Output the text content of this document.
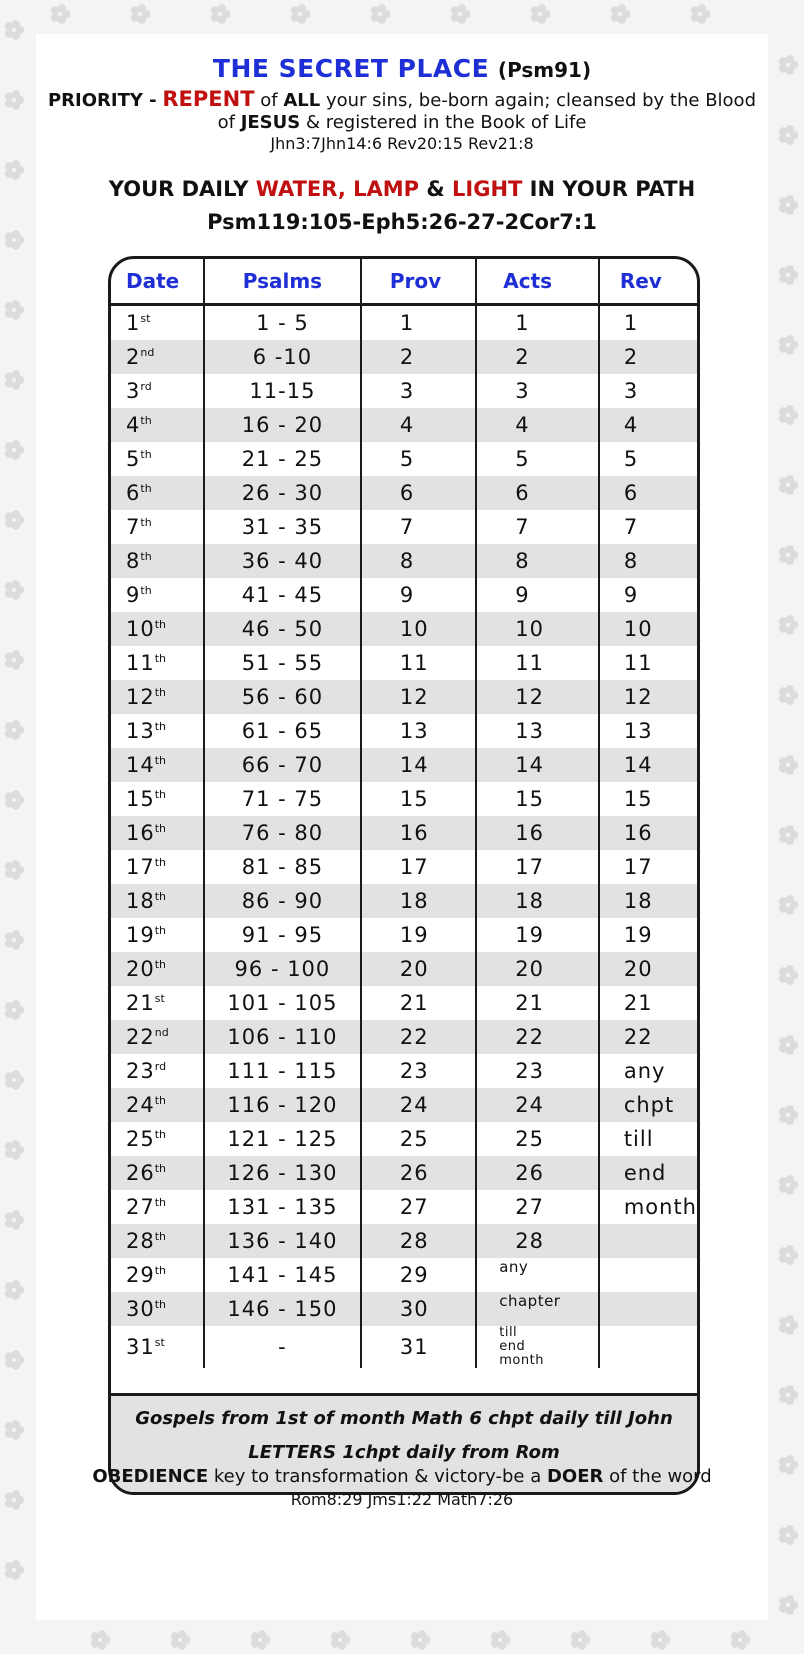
THE SECRET PLACE (Psm91)
PRIORITY - REPENT of ALL your sins, be-born again; cleansed by the Blood
of JESUS & registered in the Book of Life
Jhn3:7Jhn14:6 Rev20:15 Rev21:8
YOUR DAILY WATER, LAMP & LIGHT IN YOUR PATH
Psm119:105-Eph5:26-27-2Cor7:1
Date	Psalms	Prov	Acts	Rev
1st	1 - 5	1	1	1
2nd	6 -10	2	2	2
3rd	11-15	3	3	3
4th	16 - 20	4	4	4
5th	21 - 25	5	5	5
6th	26 - 30	6	6	6
7th	31 - 35	7	7	7
8th	36 - 40	8	8	8
9th	41 - 45	9	9	9
10th	46 - 50	10	10	10
11th	51 - 55	11	11	11
12th	56 - 60	12	12	12
13th	61 - 65	13	13	13
14th	66 - 70	14	14	14
15th	71 - 75	15	15	15
16th	76 - 80	16	16	16
17th	81 - 85	17	17	17
18th	86 - 90	18	18	18
19th	91 - 95	19	19	19
20th	96 - 100	20	20	20
21st	101 - 105	21	21	21
22nd	106 - 110	22	22	22
23rd	111 - 115	23	23	any
24th	116 - 120	24	24	chpt
25th	121 - 125	25	25	till
26th	126 - 130	26	26	end
27th	131 - 135	27	27	month
28th	136 - 140	28	28	
29th	141 - 145	29	any	
30th	146 - 150	30	chapter	
31st	-	31	till
end
month	

Gospels from 1st of month Math 6 chpt daily till John
LETTERS 1chpt daily from Rom
OBEDIENCE key to transformation & victory-be a DOER of the word
Rom8:29 Jms1:22 Math7:26
